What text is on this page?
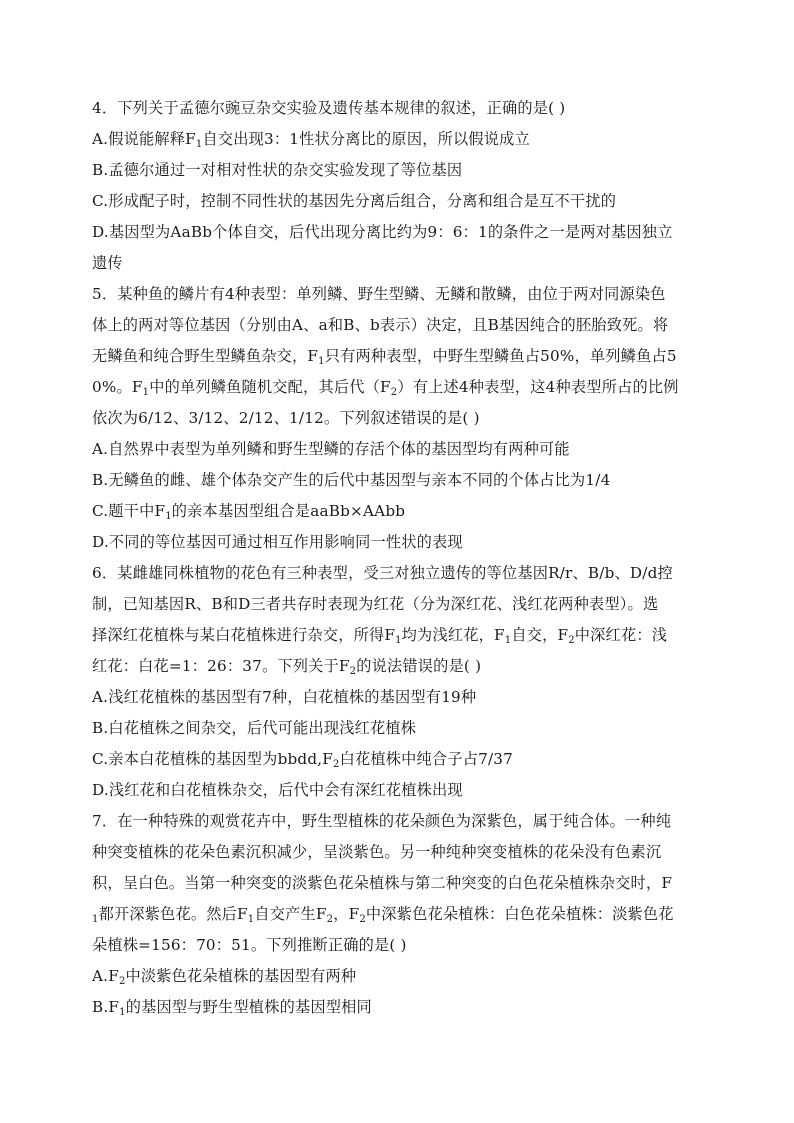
4．下列关于孟德尔豌豆杂交实验及遗传基本规律的叙述，正确的是( )
A.假说能解释$F_1$自交出现3：1性状分离比的原因，所以假说成立
B.孟德尔通过一对相对性状的杂交实验发现了等位基因
C.形成配子时，控制不同性状的基因先分离后组合，分离和组合是互不干扰的
D.基因型为AaBb个体自交，后代出现分离比约为9：6：1的条件之一是两对基因独立
遗传
5．某种鱼的鳞片有4种表型：单列鳞、野生型鳞、无鳞和散鳞，由位于两对同源染色
体上的两对等位基因（分别由A、a和B、b表示）决定，且B基因纯合的胚胎致死。将
无鳞鱼和纯合野生型鳞鱼杂交，$F_1$只有两种表型，中野生型鳞鱼占50%，单列鳞鱼占5
0%。$F_1$中的单列鳞鱼随机交配，其后代$(F_2)$有上述4种表型，这4种表型所占的比例
依次为6/12、3/12、2/12、1/12。下列叙述错误的是( )
A.自然界中表型为单列鳞和野生型鳞的存活个体的基因型均有两种可能
B.无鳞鱼的雌、雄个体杂交产生的后代中基因型与亲本不同的个体占比为1/4
C.题干中$F_1$的亲本基因型组合是aaBb×AAbb
D.不同的等位基因可通过相互作用影响同一性状的表现
6．某雌雄同株植物的花色有三种表型，受三对独立遗传的等位基因R/r、B/b、D/d控
制，已知基因R、B和D三者共存时表现为红花（分为深红花、浅红花两种表型）。选
择深红花植株与某白花植株进行杂交，所得$F_1$均为浅红花，$F_1$自交，$F_2$中深红花：浅
红花：白花=1：26：37。下列关于$F_2$的说法错误的是( )
A.浅红花植株的基因型有7种，白花植株的基因型有19种
B.白花植株之间杂交，后代可能出现浅红花植株
C.亲本白花植株的基因型为$bbdd,F_2$白花植株中纯合子占7/37
D.浅红花和白花植株杂交，后代中会有深红花植株出现
7．在一种特殊的观赏花卉中，野生型植株的花朵颜色为深紫色，属于纯合体。一种纯
种突变植株的花朵色素沉积减少，呈淡紫色。另一种纯种突变植株的花朵没有色素沉
积，呈白色。当第一种突变的淡紫色花朵植株与第二种突变的白色花朵植株杂交时，F
$_1$都开深紫色花。然后$F_1$自交产生$F_2$，$F_2$中深紫色花朵植株：白色花朵植株：淡紫色花
朵植株=156：70：51。下列推断正确的是( )
$A.F_2$中淡紫色花朵植株的基因型有两种
$B.F_1$的基因型与野生型植株的基因型相同
